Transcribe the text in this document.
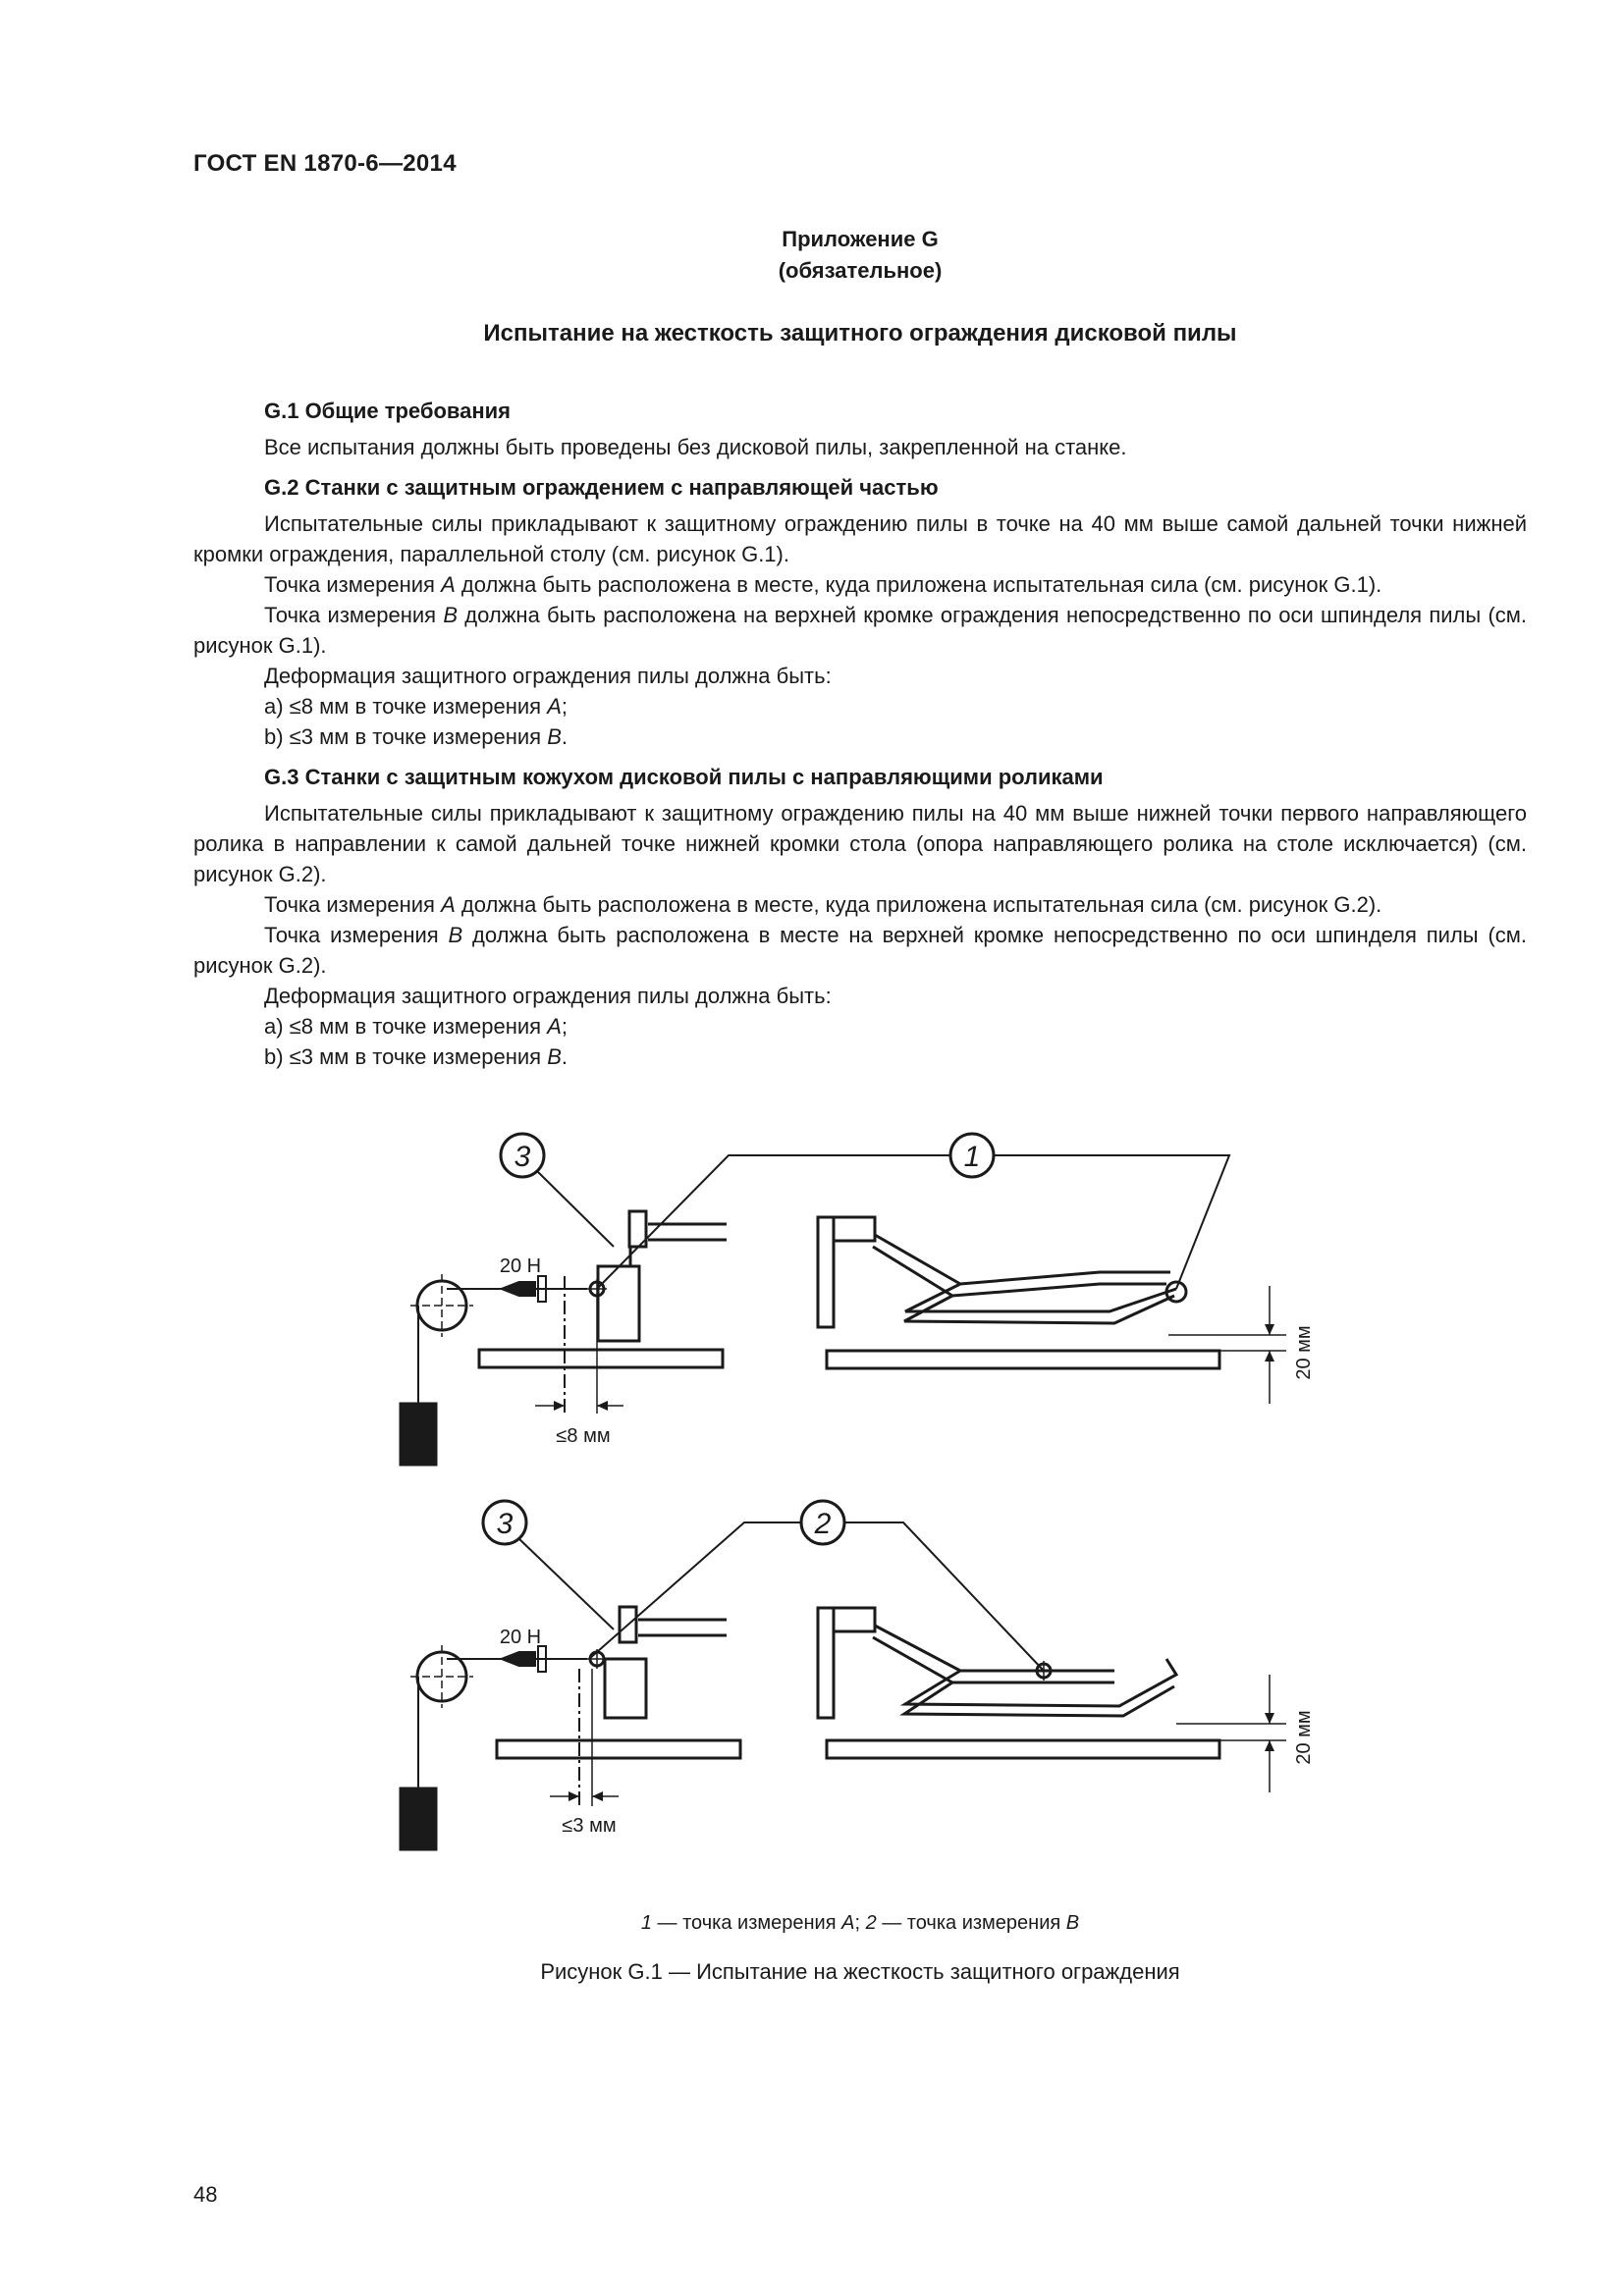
ГОСТ EN 1870-6—2014
Приложение G
(обязательное)
Испытание на жесткость защитного ограждения дисковой пилы

G.1 Общие требования

Все испытания должны быть проведены без дисковой пилы, закрепленной на станке.

G.2 Станки с защитным ограждением с направляющей частью

Испытательные силы прикладывают к защитному ограждению пилы в точке на 40 мм выше самой дальней точки нижней кромки ограждения, параллельной столу (см. рисунок G.1).

Точка измерения А должна быть расположена в месте, куда приложена испытательная сила (см. рисунок G.1).

Точка измерения В должна быть расположена на верхней кромке ограждения непосредственно по оси шпинделя пилы (см. рисунок G.1).

Деформация защитного ограждения пилы должна быть:

a) ≤8 мм в точке измерения А;

b) ≤3 мм в точке измерения B.

G.3 Станки с защитным кожухом дисковой пилы с направляющими роликами

Испытательные силы прикладывают к защитному ограждению пилы на 40 мм выше нижней точки первого направляющего ролика в направлении к самой дальней точке нижней кромки стола (опора направляющего ролика на столе исключается) (см. рисунок G.2).

Точка измерения А должна быть расположена в месте, куда приложена испытательная сила (см. рисунок G.2).

Точка измерения В должна быть расположена в месте на верхней кромке непосредственно по оси шпинделя пилы (см. рисунок G.2).

Деформация защитного ограждения пилы должна быть:

a) ≤8 мм в точке измерения А;

b) ≤3 мм в точке измерения B.

3	1
≤8 мм
20 Н
20 мм
3	2
≤3 мм
20 Н
20 мм
1 — точка измерения А; 2 — точка измерения В
Рисунок G.1 — Испытание на жесткость защитного ограждения
48
